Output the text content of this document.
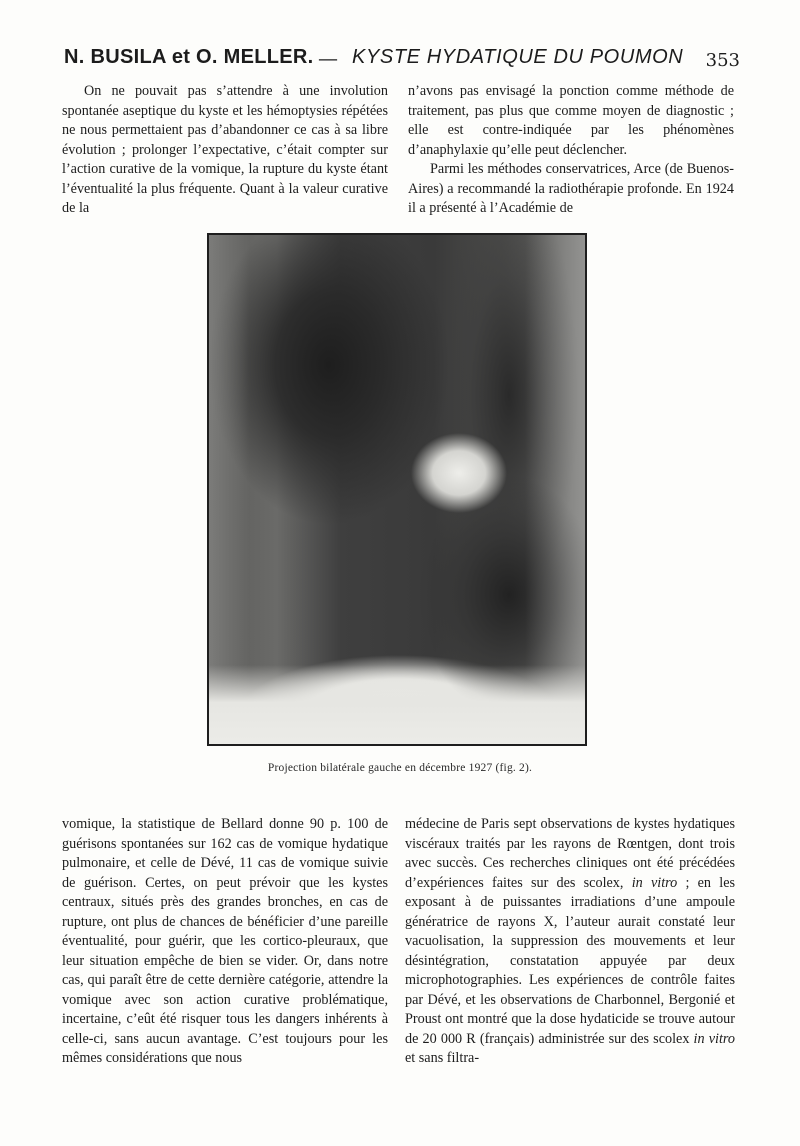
N. BUSILA et O. MELLER. — KYSTE HYDATIQUE DU POUMON 353

On ne pouvait pas s’attendre à une involution spontanée aseptique du kyste et les hémoptysies répétées ne nous permettaient pas d’abandonner ce cas à sa libre évolution ; prolonger l’expectative, c’était compter sur l’action curative de la vomique, la rupture du kyste étant l’éventualité la plus fréquente. Quant à la valeur curative de la

n’avons pas envisagé la ponction comme méthode de traitement, pas plus que comme moyen de diagnostic ; elle est contre-indiquée par les phénomènes d’anaphylaxie qu’elle peut déclencher.

Parmi les méthodes conservatrices, Arce (de Buenos-Aires) a recommandé la radiothérapie profonde. En 1924 il a présenté à l’Académie de

Projection bilatérale gauche en décembre 1927 (fig. 2).

vomique, la statistique de Bellard donne 90 p. 100 de guérisons spontanées sur 162 cas de vomique hydatique pulmonaire, et celle de Dévé, 11 cas de vomique suivie de guérison. Certes, on peut prévoir que les kystes centraux, situés près des grandes bronches, en cas de rupture, ont plus de chances de bénéficier d’une pareille éventualité, pour guérir, que les cortico-pleuraux, que leur situation empêche de bien se vider. Or, dans notre cas, qui paraît être de cette dernière catégorie, attendre la vomique avec son action curative problématique, incertaine, c’eût été risquer tous les dangers inhérents à celle-ci, sans aucun avantage. C’est toujours pour les mêmes considérations que nous

médecine de Paris sept observations de kystes hydatiques viscéraux traités par les rayons de Rœntgen, dont trois avec succès. Ces recherches cliniques ont été précédées d’expériences faites sur des scolex, in vitro ; en les exposant à de puissantes irradiations d’une ampoule génératrice de rayons X, l’auteur aurait constaté leur vacuolisation, la suppression des mouvements et leur désintégration, constatation appuyée par deux microphotographies. Les expériences de contrôle faites par Dévé, et les observations de Charbonnel, Bergonié et Proust ont montré que la dose hydaticide se trouve autour de 20 000 R (français) administrée sur des scolex in vitro et sans filtra-
